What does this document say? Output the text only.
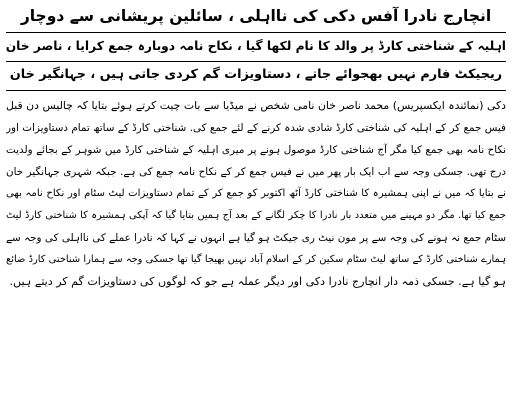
انچارج نادرا آفس دکی کی نااہلی ، سائلین پریشانی سے دوچار
اہلیہ کے شناختی کارڈ پر والد کا نام لکھا گیا ، نکاح نامہ دوبارہ جمع کرایا ، ناصر خان
ریجیکٹ فارم نہیں بھجوائے جاتے ، دستاویزات گم کردی جاتی ہیں ، جہانگیر خان
دکی (نمائندہ ایکسپریس) محمد ناصر خان نامی شخص نے میڈیا سے بات چیت کرتے ہوئے بتایا کہ چالیس دن قبل
فیس جمع کر کے اہلیہ کی شناختی کارڈ شادی شدہ کرنے کے لئے جمع کی. شناختی کارڈ کے ساتھ تمام دستاویزات اور
نکاح نامہ بھی جمع کیا مگر آج شناختی کارڈ موصول ہونے پر میری اہلیہ کے شناختی کارڈ میں شوہر کے بجائے ولدیت
درج تھی. جسکی وجہ سے اب ایک بار پھر میں نے فیس جمع کر کے نکاح نامہ جمع کی ہے. جبکہ شہری جہانگیر خان
نے بتایا کہ میں نے اپنی ہمشیرہ کا شناختی کارڈ آٹھ اکتوبر کو جمع کر کے تمام دستاویزات لیٹ سٹام اور نکاح نامہ بھی
جمع کیا تھا. مگر دو مہینے میں متعدد بار نادرا کا چکر لگانے کے بعد آج ہمیں بتایا گیا کہ آپکی ہمشیرہ کا شناختی کارڈ لیٹ
سٹام جمع نہ ہونے کی وجہ سے پر مون نیٹ ری جیکٹ ہو گیا ہے انہوں نے کہا کہ نادرا عملے کی نااہلی کی وجہ سے
ہمارے شناختی کارڈ کے ساتھ لیٹ سٹام سکین کر کے اسلام آباد نہیں بھیجا گیا تھا جسکی وجہ سے ہمارا شناختی کارڈ ضائع
ہو گیا ہے. جسکی ذمہ دار انچارج نادرا دکی اور دیگر عملہ ہے جو کہ لوگوں کی دستاویزات گم کر دیتے ہیں.
